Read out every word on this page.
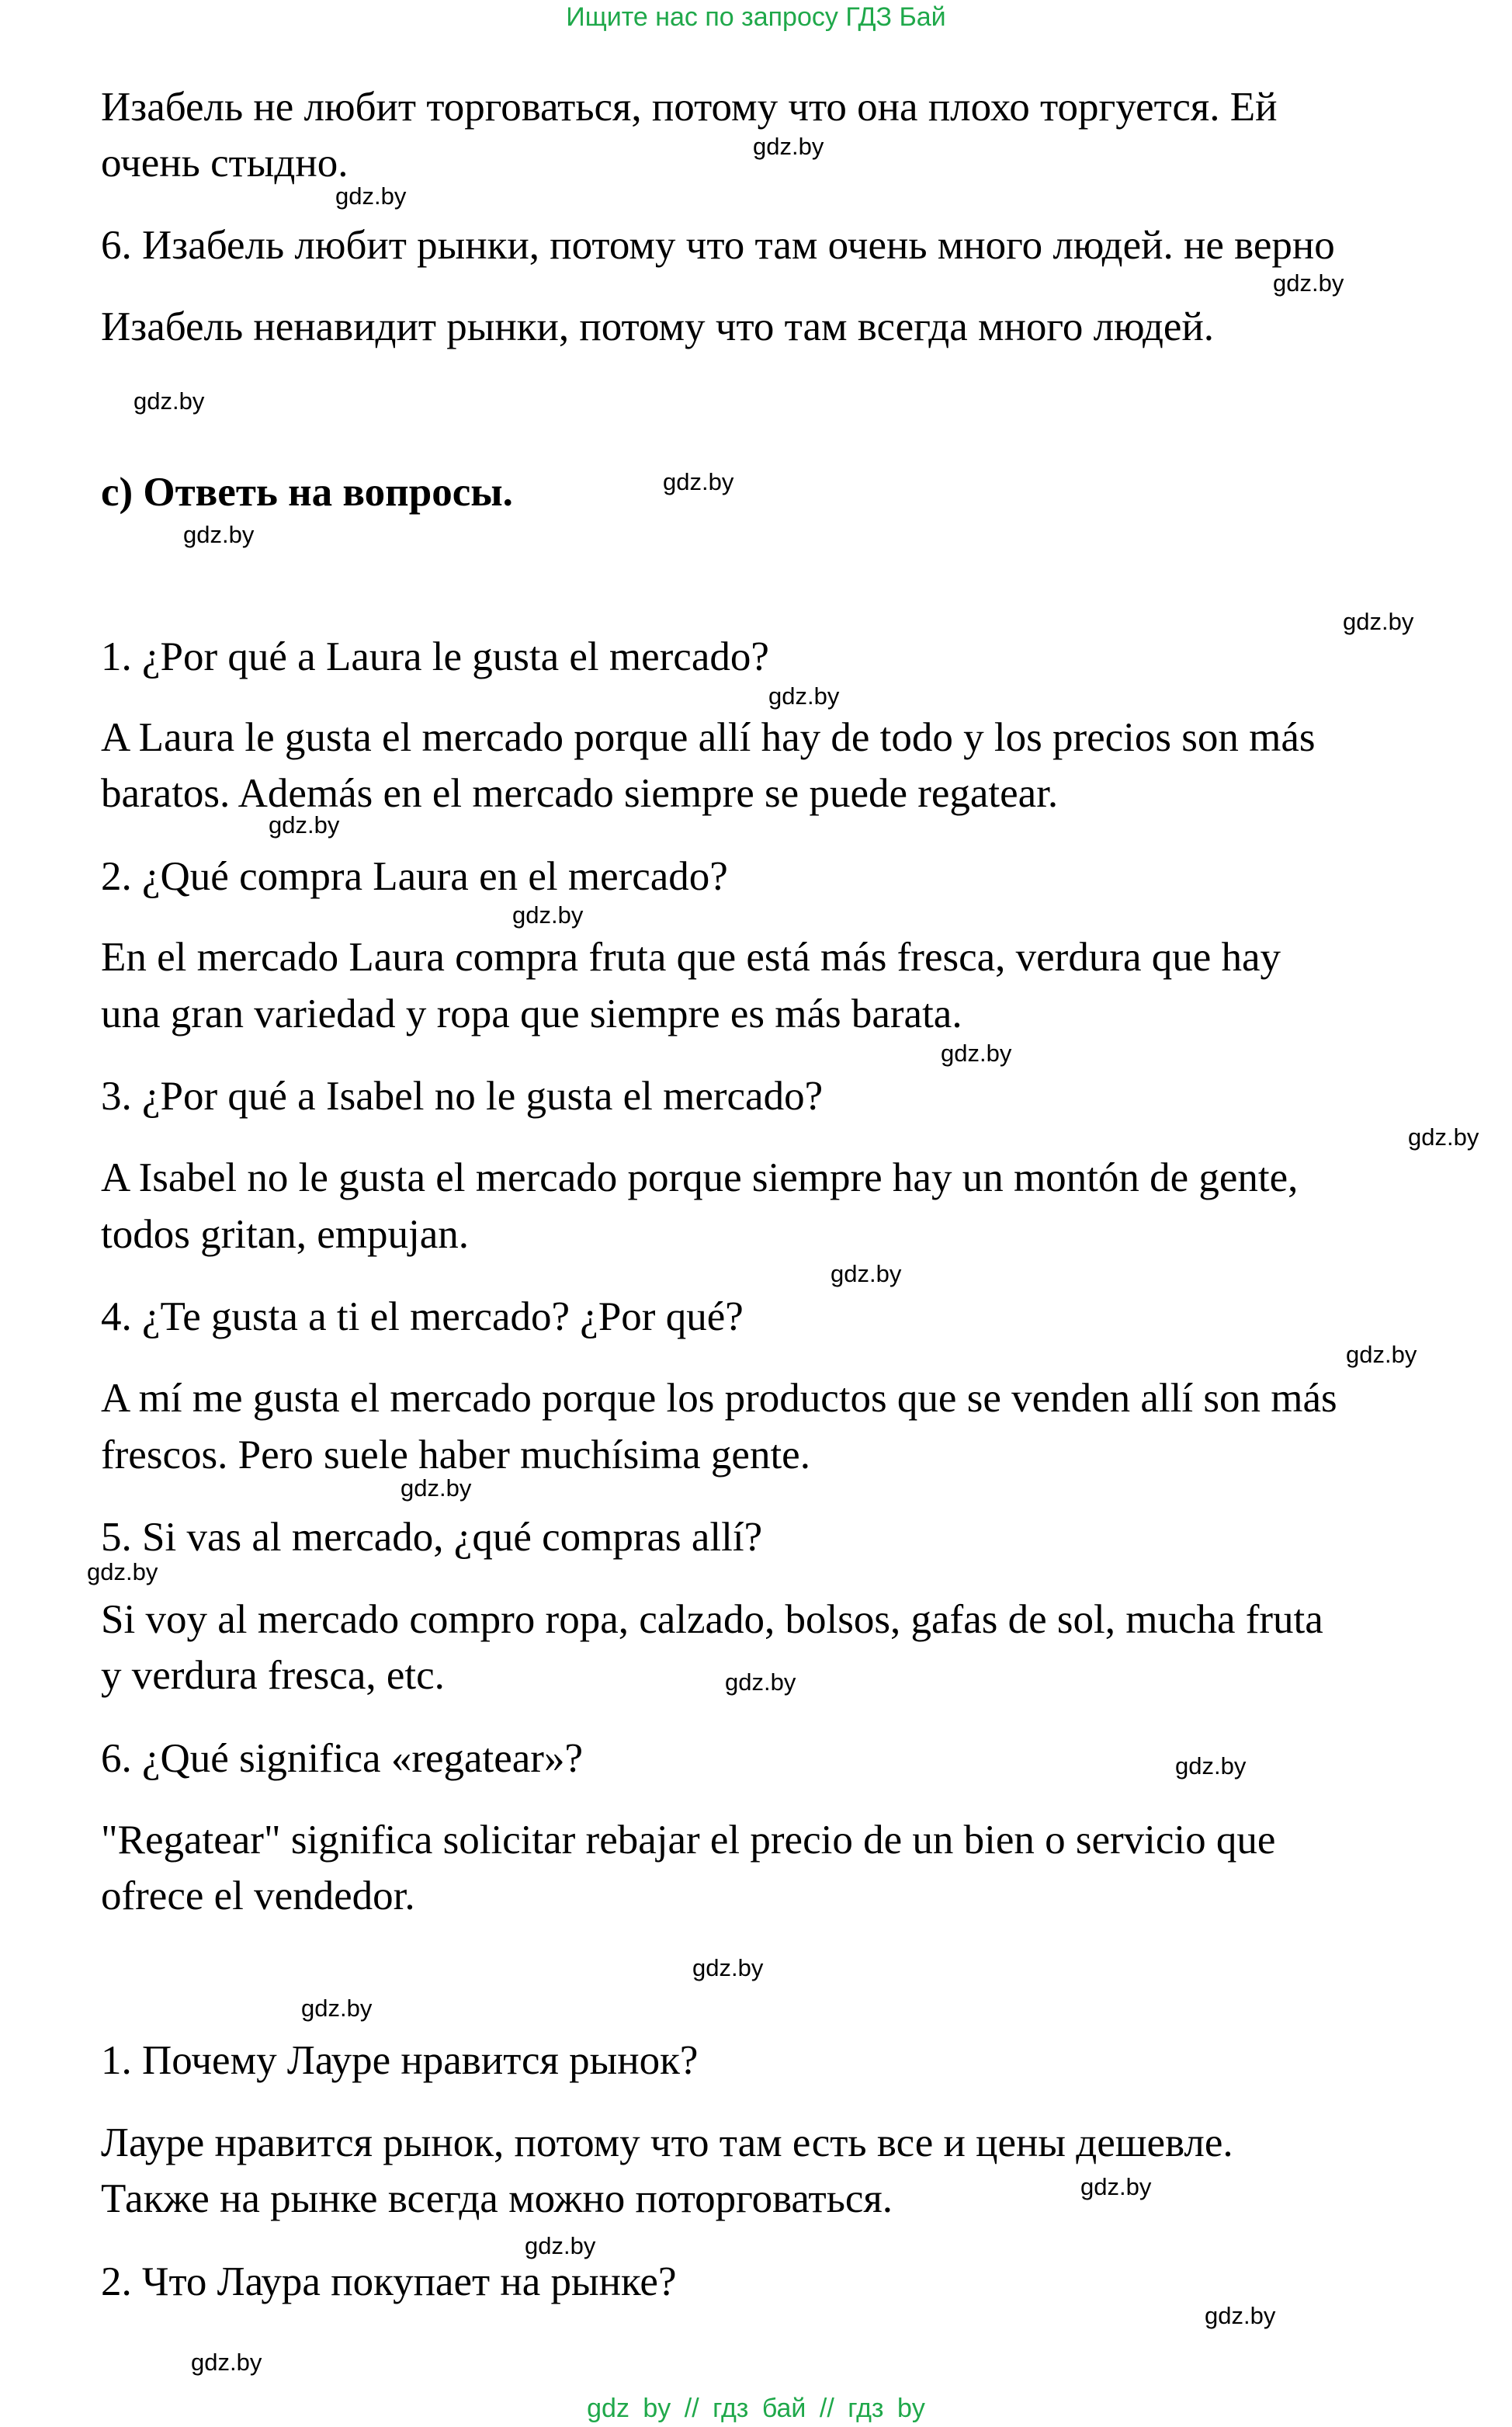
Ищите нас по запросу ГДЗ Бай
Изабель не любит торговаться, потому что она плохо торгуется. Ей
очень стыдно.
6. Изабель любит рынки, потому что там очень много людей. не верно
Изабель ненавидит рынки, потому что там всегда много людей.
c) Ответь на вопросы.
1. ¿Por qué a Laura le gusta el mercado?
A Laura le gusta el mercado porque allí hay de todo y los precios son más
baratos. Además en el mercado siempre se puede regatear.
2. ¿Qué compra Laura en el mercado?
En el mercado Laura compra fruta que está más fresca, verdura que hay
una gran variedad y ropa que siempre es más barata.
3. ¿Por qué a Isabel no le gusta el mercado?
A Isabel no le gusta el mercado porque siempre hay un montón de gente,
todos gritan, empujan.
4. ¿Te gusta a ti el mercado? ¿Por qué?
A mí me gusta el mercado porque los productos que se venden allí son más
frescos. Pero suele haber muchísima gente.
5. Si vas al mercado, ¿qué compras allí?
Si voy al mercado compro ropa, calzado, bolsos, gafas de sol, mucha fruta
y verdura fresca, etc.
6. ¿Qué significa «regatear»?
"Regatear" significa solicitar rebajar el precio de un bien o servicio que
ofrece el vendedor.
1. Почему Лауре нравится рынок?
Лауре нравится рынок, потому что там есть все и цены дешевле.
Также на рынке всегда можно поторговаться.
2. Что Лаура покупает на рынке?
gdz.by
gdz.by
gdz.by
gdz.by
gdz.by
gdz.by
gdz.by
gdz.by
gdz.by
gdz.by
gdz.by
gdz.by
gdz.by
gdz.by
gdz.by
gdz.by
gdz.by
gdz.by
gdz.by
gdz.by
gdz.by
gdz.by
gdz.by
gdz.by
gdz by // гдз бай // гдз by
